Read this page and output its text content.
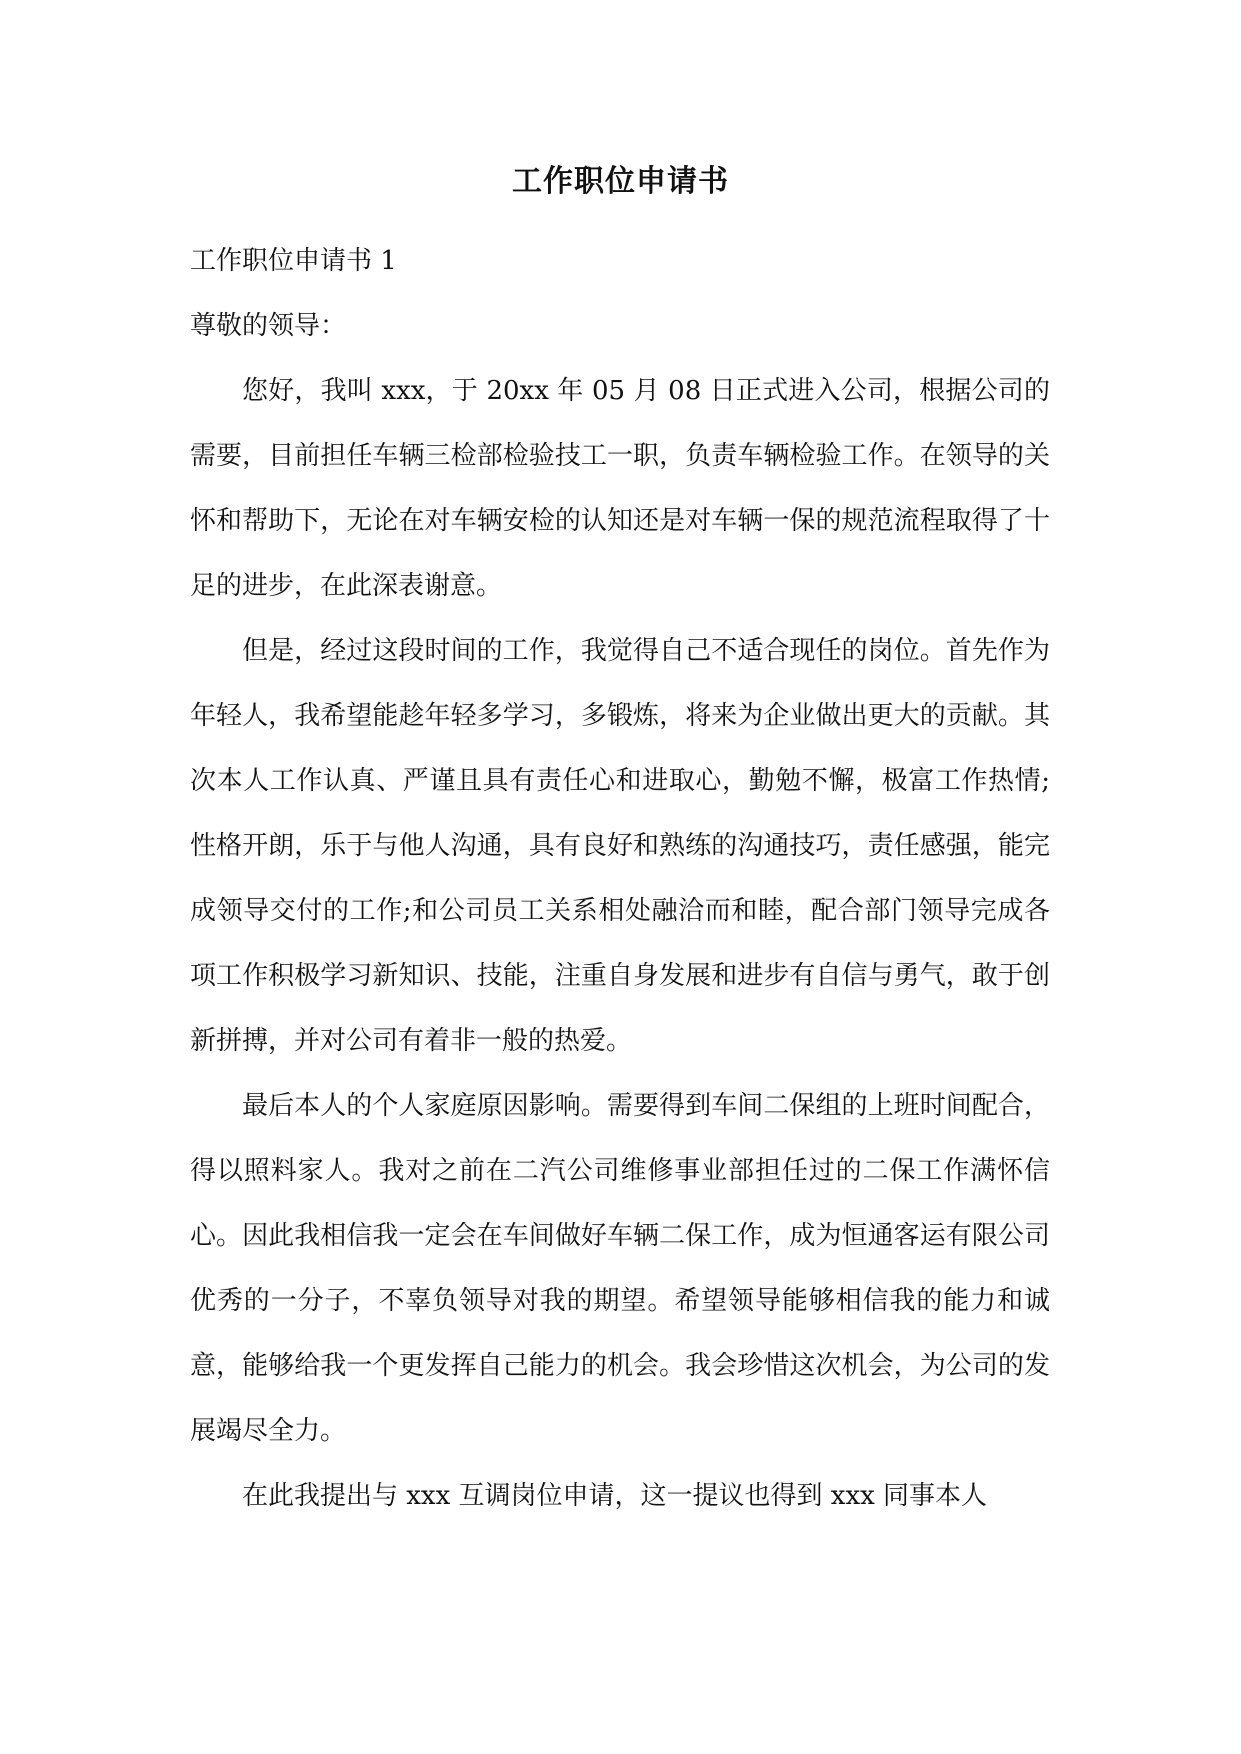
工作职位申请书

工作职位申请书 1

尊敬的领导：

您好，我叫 xxx，于 20xx 年 05 月 08 日正式进入公司，根据公司的需要，目前担任车辆三检部检验技工一职，负责车辆检验工作。在领导的关怀和帮助下，无论在对车辆安检的认知还是对车辆一保的规范流程取得了十足的进步，在此深表谢意。

但是，经过这段时间的工作，我觉得自己不适合现任的岗位。首先作为年轻人，我希望能趁年轻多学习，多锻炼，将来为企业做出更大的贡献。其次本人工作认真、严谨且具有责任心和进取心，勤勉不懈，极富工作热情;性格开朗，乐于与他人沟通，具有良好和熟练的沟通技巧，责任感强，能完成领导交付的工作;和公司员工关系相处融洽而和睦，配合部门领导完成各项工作积极学习新知识、技能，注重自身发展和进步有自信与勇气，敢于创新拼搏，并对公司有着非一般的热爱。

最后本人的个人家庭原因影响。需要得到车间二保组的上班时间配合，得以照料家人。我对之前在二汽公司维修事业部担任过的二保工作满怀信心。因此我相信我一定会在车间做好车辆二保工作，成为恒通客运有限公司优秀的一分子，不辜负领导对我的期望。希望领导能够相信我的能力和诚意，能够给我一个更发挥自己能力的机会。我会珍惜这次机会，为公司的发展竭尽全力。

在此我提出与 xxx 互调岗位申请，这一提议也得到 xxx 同事本人
